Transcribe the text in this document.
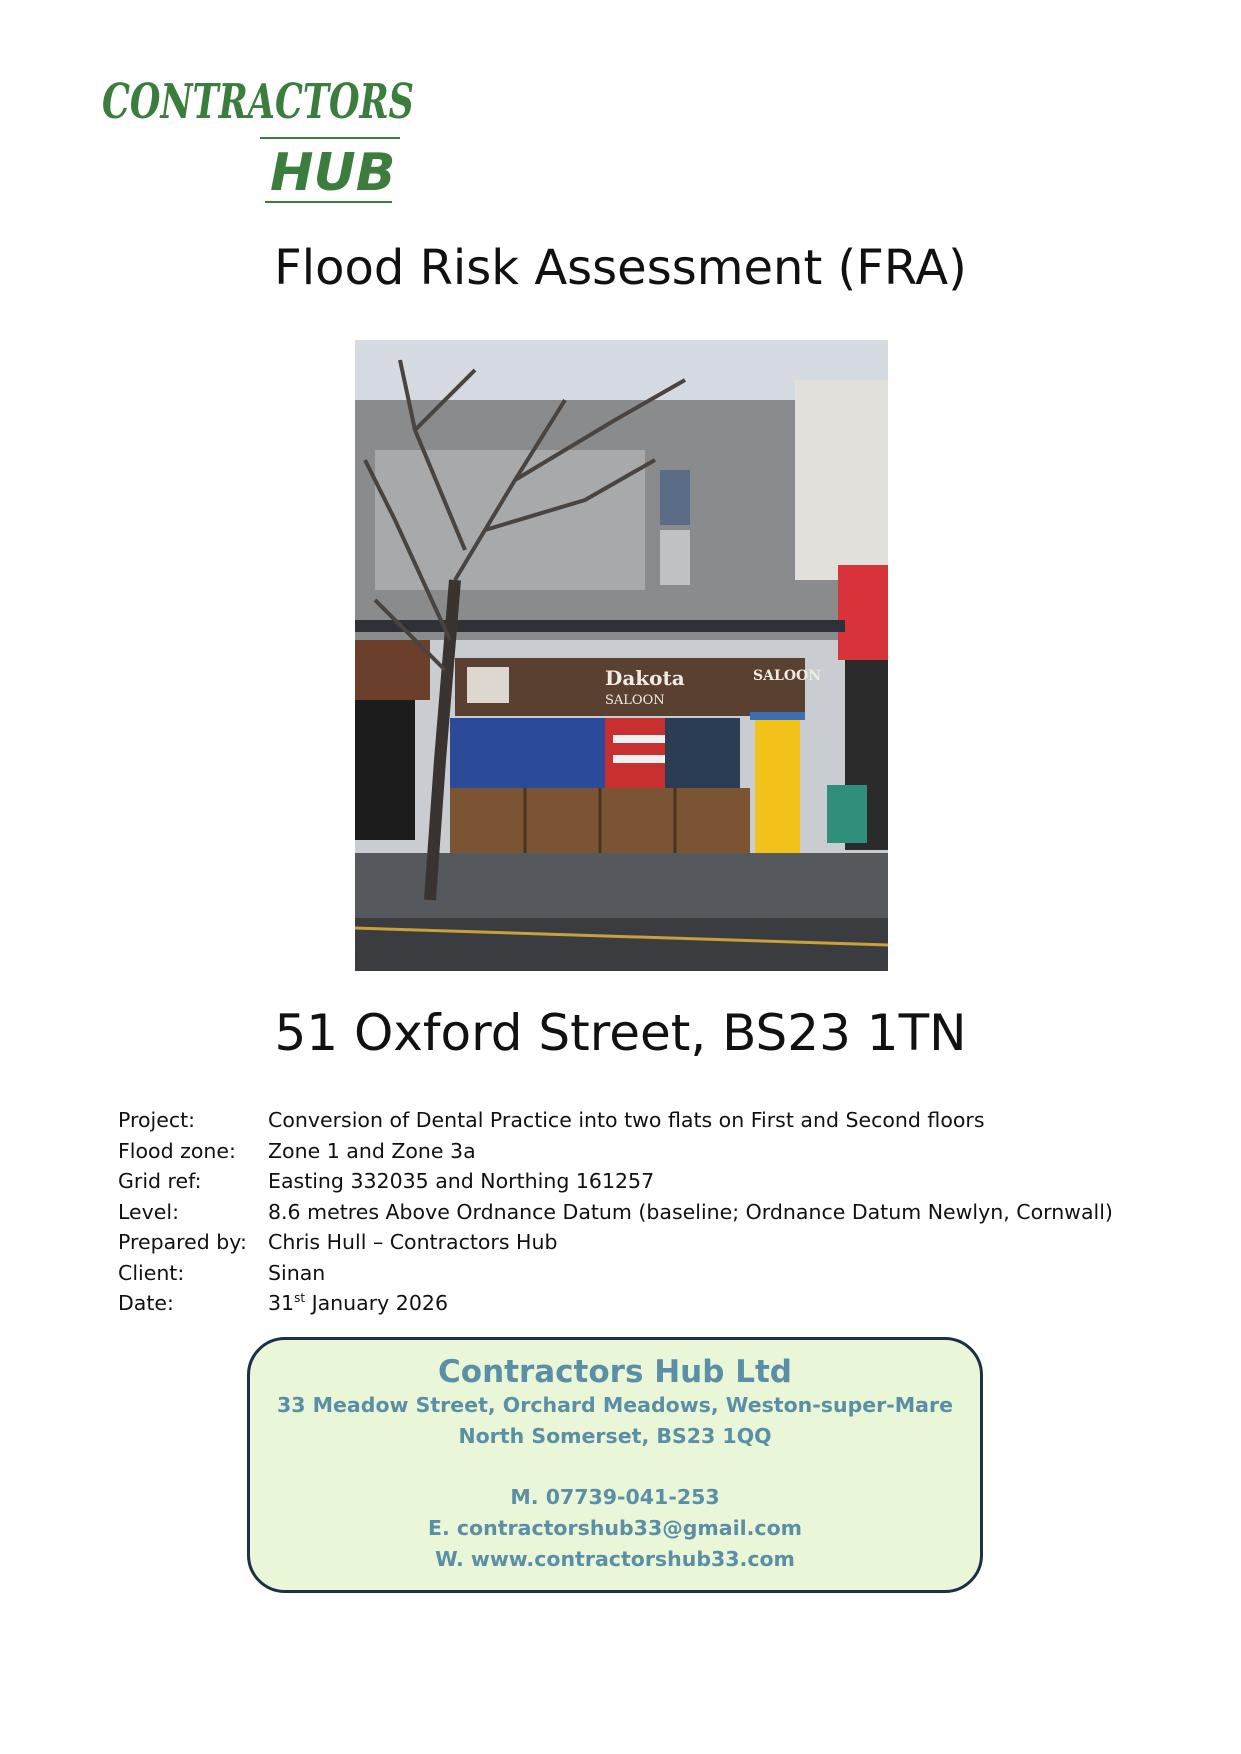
CONTRACTORS
HUB
Flood Risk Assessment (FRA)
Dakota
SALOON
SALOON
51 Oxford Street, BS23 1TN
Project:	Conversion of Dental Practice into two flats on First and Second floors
Flood zone:	Zone 1 and Zone 3a
Grid ref:	Easting 332035 and Northing 161257
Level:	8.6 metres Above Ordnance Datum (baseline; Ordnance Datum Newlyn, Cornwall)
Prepared by:	Chris Hull – Contractors Hub
Client:	Sinan
Date:	31st January 2026
Contractors Hub Ltd
33 Meadow Street, Orchard Meadows, Weston-super-Mare
North Somerset, BS23 1QQ
M. 07739-041-253
E. contractorshub33@gmail.com
W. www.contractorshub33.com
